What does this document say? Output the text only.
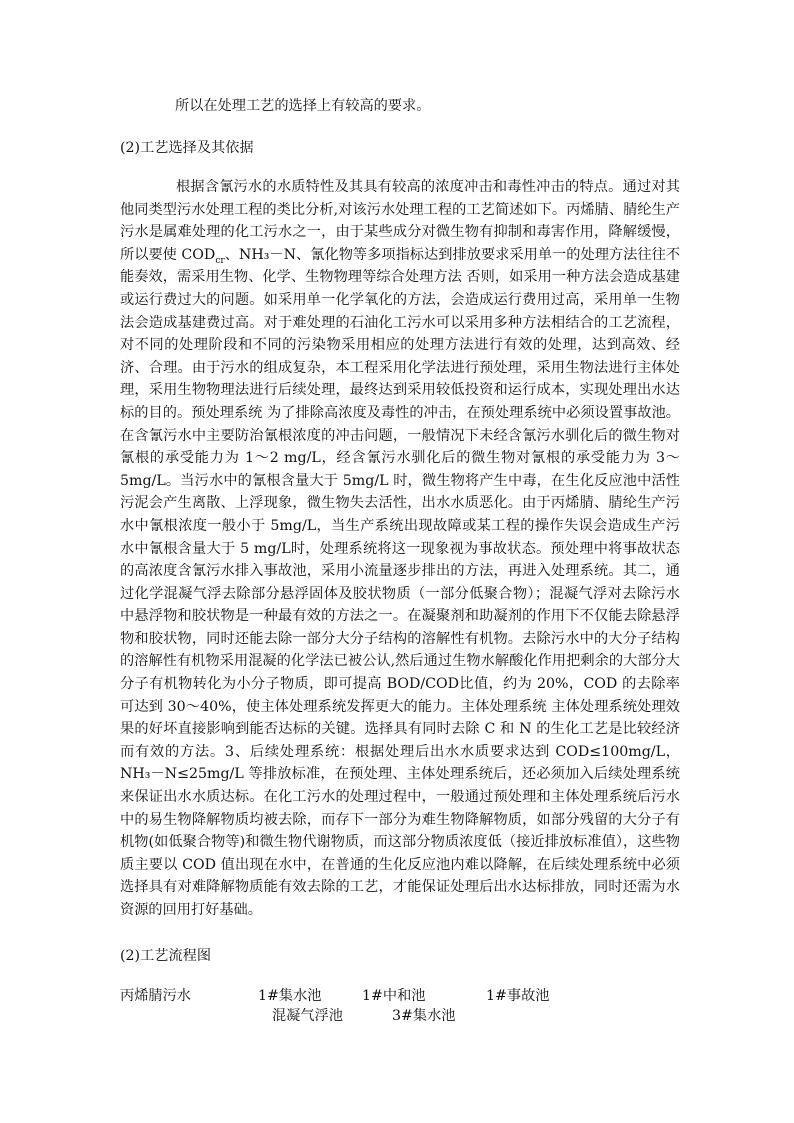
所以在处理工艺的选择上有较高的要求。
(2)工艺选择及其依据
根据含氰污水的水质特性及其具有较高的浓度冲击和毒性冲击的特点。通过对其他同类型污水处理工程的类比分析,对该污水处理工程的工艺简述如下。丙烯腈、腈纶生产污水是属难处理的化工污水之一，由于某些成分对微生物有抑制和毒害作用，降解缓慢，所以要使 $COD_{cr}$、NH₃－N、氰化物等多项指标达到排放要求采用单一的处理方法往往不能奏效，需采用生物、化学、生物物理等综合处理方法 否则，如采用一种方法会造成基建或运行费过大的问题。如采用单一化学氧化的方法，会造成运行费用过高，采用单一生物法会造成基建费过高。对于难处理的石油化工污水可以采用多种方法相结合的工艺流程，对不同的处理阶段和不同的污染物采用相应的处理方法进行有效的处理，达到高效、经济、合理。由于污水的组成复杂，本工程采用化学法进行预处理，采用生物法进行主体处理，采用生物物理法进行后续处理，最终达到采用较低投资和运行成本，实现处理出水达标的目的。预处理系统 为了排除高浓度及毒性的冲击，在预处理系统中必须设置事故池。在含氰污水中主要防治氰根浓度的冲击问题，一般情况下未经含氰污水驯化后的微生物对氰根的承受能力为 1～2 mg/L，经含氰污水驯化后的微生物对氰根的承受能力为 3～5mg/L。当污水中的氰根含量大于 5mg/L 时，微生物将产生中毒，在生化反应池中活性污泥会产生离散、上浮现象，微生物失去活性，出水水质恶化。由于丙烯腈、腈纶生产污水中氰根浓度一般小于 5mg/L，当生产系统出现故障或某工程的操作失误会造成生产污水中氰根含量大于 5 mg/L时，处理系统将这一现象视为事故状态。预处理中将事故状态的高浓度含氰污水排入事故池，采用小流量逐步排出的方法，再进入处理系统。其二，通过化学混凝气浮去除部分悬浮固体及胶状物质（一部分低聚合物）；混凝气浮对去除污水中悬浮物和胶状物是一种最有效的方法之一。在凝聚剂和助凝剂的作用下不仅能去除悬浮物和胶状物，同时还能去除一部分大分子结构的溶解性有机物。去除污水中的大分子结构的溶解性有机物采用混凝的化学法已被公认,然后通过生物水解酸化作用把剩余的大部分大分子有机物转化为小分子物质，即可提高 BOD/COD比值，约为 20%，COD 的去除率可达到 30～40%，使主体处理系统发挥更大的能力。主体处理系统 主体处理系统处理效果的好坏直接影响到能否达标的关键。选择具有同时去除 C 和 N 的生化工艺是比较经济而有效的方法。3、后续处理系统：根据处理后出水水质要求达到 COD≤100mg/L，NH₃－N≤25mg/L 等排放标准，在预处理、主体处理系统后，还必须加入后续处理系统来保证出水水质达标。在化工污水的处理过程中，一般通过预处理和主体处理系统后污水中的易生物降解物质均被去除，而存下一部分为难生物降解物质，如部分残留的大分子有机物(如低聚合物等)和微生物代谢物质，而这部分物质浓度低（接近排放标准值），这些物质主要以 COD 值出现在水中，在普通的生化反应池内难以降解，在后续处理系统中必须选择具有对难降解物质能有效去除的工艺，才能保证处理后出水达标排放，同时还需为水资源的回用打好基础。
(2)工艺流程图
丙烯腈污水	1#集水池	1#中和池	1#事故池
混凝气浮池	3#集水池
